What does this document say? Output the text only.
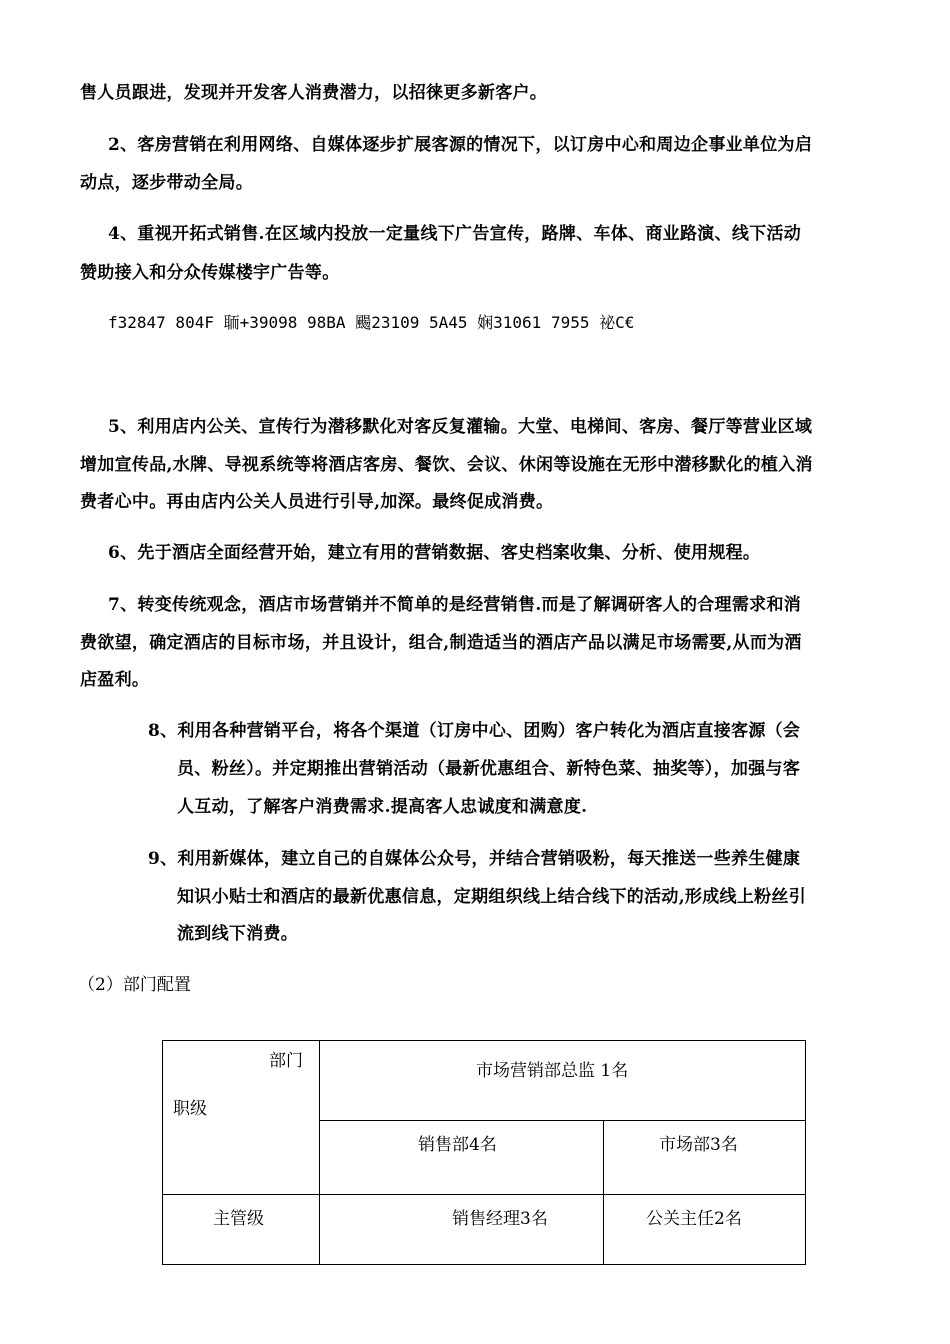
售人员跟进，发现并开发客人消费潜力，以招徕更多新客户。
2、客房营销在利用网络、自媒体逐步扩展客源的情况下，以订房中心和周边企事业单位为启
动点，逐步带动全局。
4、重视开拓式销售.在区域内投放一定量线下广告宣传，路牌、车体、商业路演、线下活动
赞助接入和分众传媒楼宇广告等。
f32847 804F 聏+39098 98BA 颺23109 5A45 娴31061 7955 祕C€
5、利用店内公关、宣传行为潜移默化对客反复灌输。大堂、电梯间、客房、餐厅等营业区域
增加宣传品,水牌、导视系统等将酒店客房、餐饮、会议、休闲等设施在无形中潜移默化的植入消
费者心中。再由店内公关人员进行引导,加深。最终促成消费。
6、先于酒店全面经营开始，建立有用的营销数据、客史档案收集、分析、使用规程。
7、转变传统观念，酒店市场营销并不简单的是经营销售.而是了解调研客人的合理需求和消
费欲望，确定酒店的目标市场，并且设计，组合,制造适当的酒店产品以满足市场需要,从而为酒
店盈利。
8、利用各种营销平台，将各个渠道（订房中心、团购）客户转化为酒店直接客源（会
员、粉丝）。并定期推出营销活动（最新优惠组合、新特色菜、抽奖等），加强与客
人互动，了解客户消费需求.提高客人忠诚度和满意度.
9、利用新媒体，建立自己的自媒体公众号，并结合营销吸粉，每天推送一些养生健康
知识小贴士和酒店的最新优惠信息，定期组织线上结合线下的活动,形成线上粉丝引
流到线下消费。
（2）部门配置
部门
职级	市场营销部总监 1名	

	销售部4名	市场部3名

主管级	销售经理3名	公关主任2名
